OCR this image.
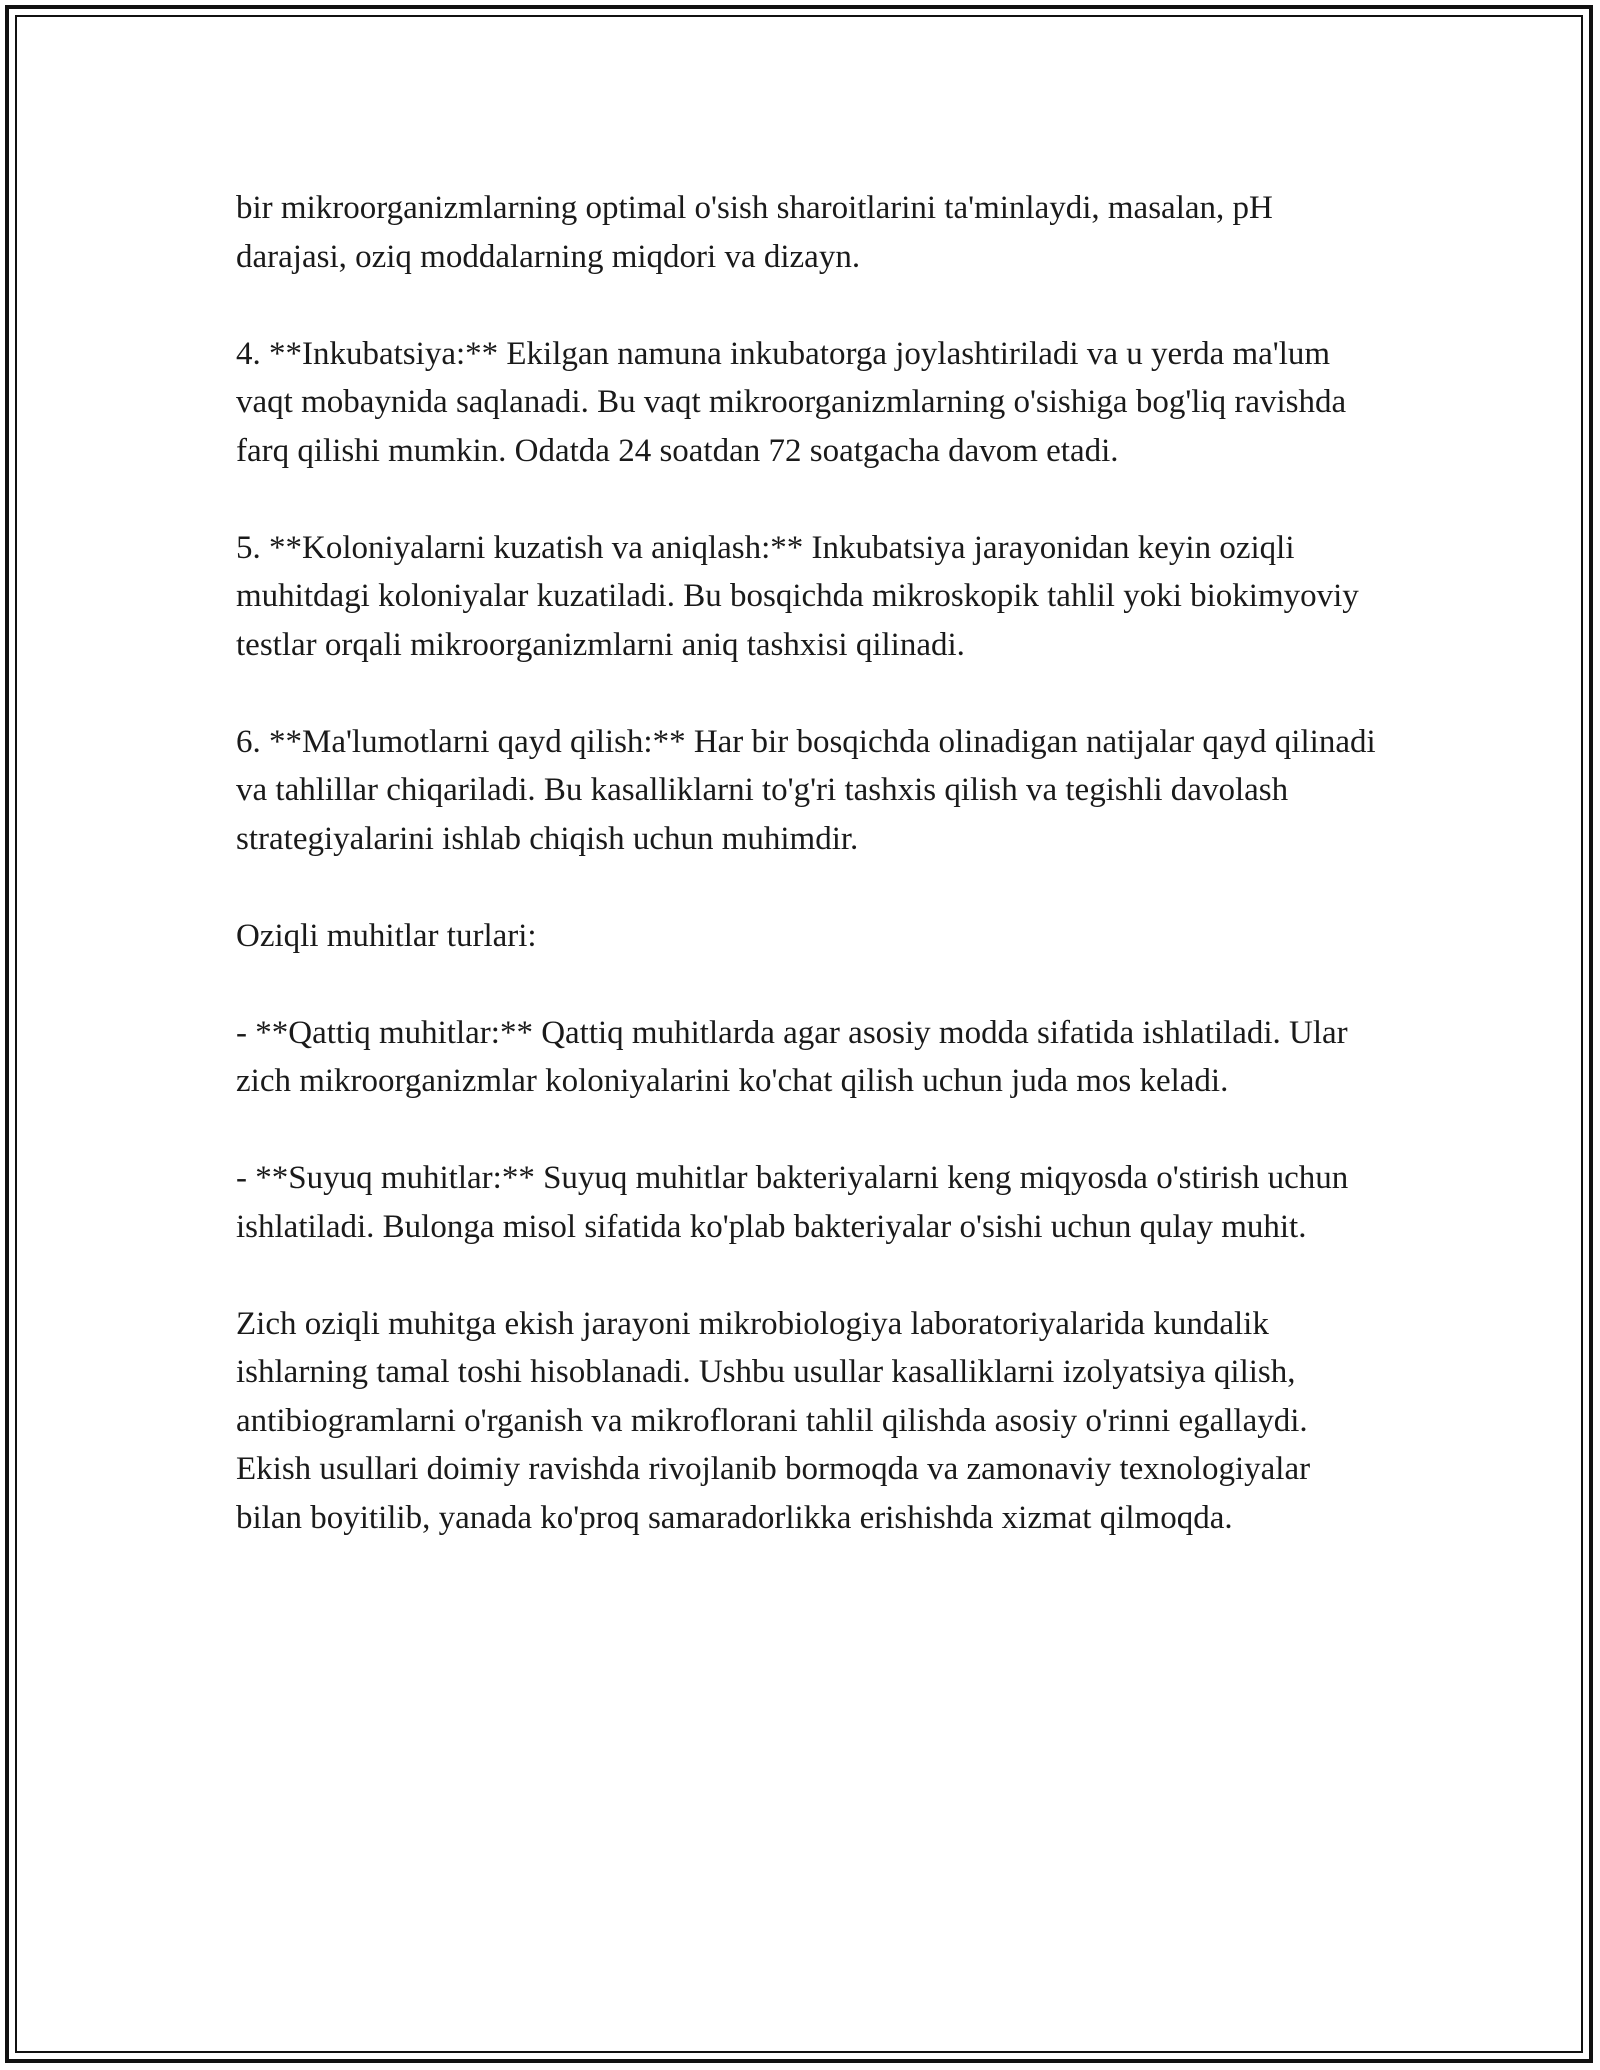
bir mikroorganizmlarning optimal o'sish sharoitlarini ta'minlaydi, masalan, pH darajasi, oziq moddalarning miqdori va dizayn.

4. **Inkubatsiya:** Ekilgan namuna inkubatorga joylashtiriladi va u yerda ma'lum vaqt mobaynida saqlanadi. Bu vaqt mikroorganizmlarning o'sishiga bog'liq ravishda farq qilishi mumkin. Odatda 24 soatdan 72 soatgacha davom etadi.

5. **Koloniyalarni kuzatish va aniqlash:** Inkubatsiya jarayonidan keyin oziqli muhitdagi koloniyalar kuzatiladi. Bu bosqichda mikroskopik tahlil yoki biokimyoviy testlar orqali mikroorganizmlarni aniq tashxisi qilinadi.

6. **Ma'lumotlarni qayd qilish:** Har bir bosqichda olinadigan natijalar qayd qilinadi va tahlillar chiqariladi. Bu kasalliklarni to'g'ri tashxis qilish va tegishli davolash strategiyalarini ishlab chiqish uchun muhimdir.

Oziqli muhitlar turlari:

- **Qattiq muhitlar:** Qattiq muhitlarda agar asosiy modda sifatida ishlatiladi. Ular zich mikroorganizmlar koloniyalarini ko'chat qilish uchun juda mos keladi.

- **Suyuq muhitlar:** Suyuq muhitlar bakteriyalarni keng miqyosda o'stirish uchun ishlatiladi. Bulonga misol sifatida ko'plab bakteriyalar o'sishi uchun qulay muhit.

Zich oziqli muhitga ekish jarayoni mikrobiologiya laboratoriyalarida kundalik ishlarning tamal toshi hisoblanadi. Ushbu usullar kasalliklarni izolyatsiya qilish, antibiogramlarni o'rganish va mikroflorani tahlil qilishda asosiy o'rinni egallaydi. Ekish usullari doimiy ravishda rivojlanib bormoqda va zamonaviy texnologiyalar bilan boyitilib, yanada ko'proq samaradorlikka erishishda xizmat qilmoqda.
